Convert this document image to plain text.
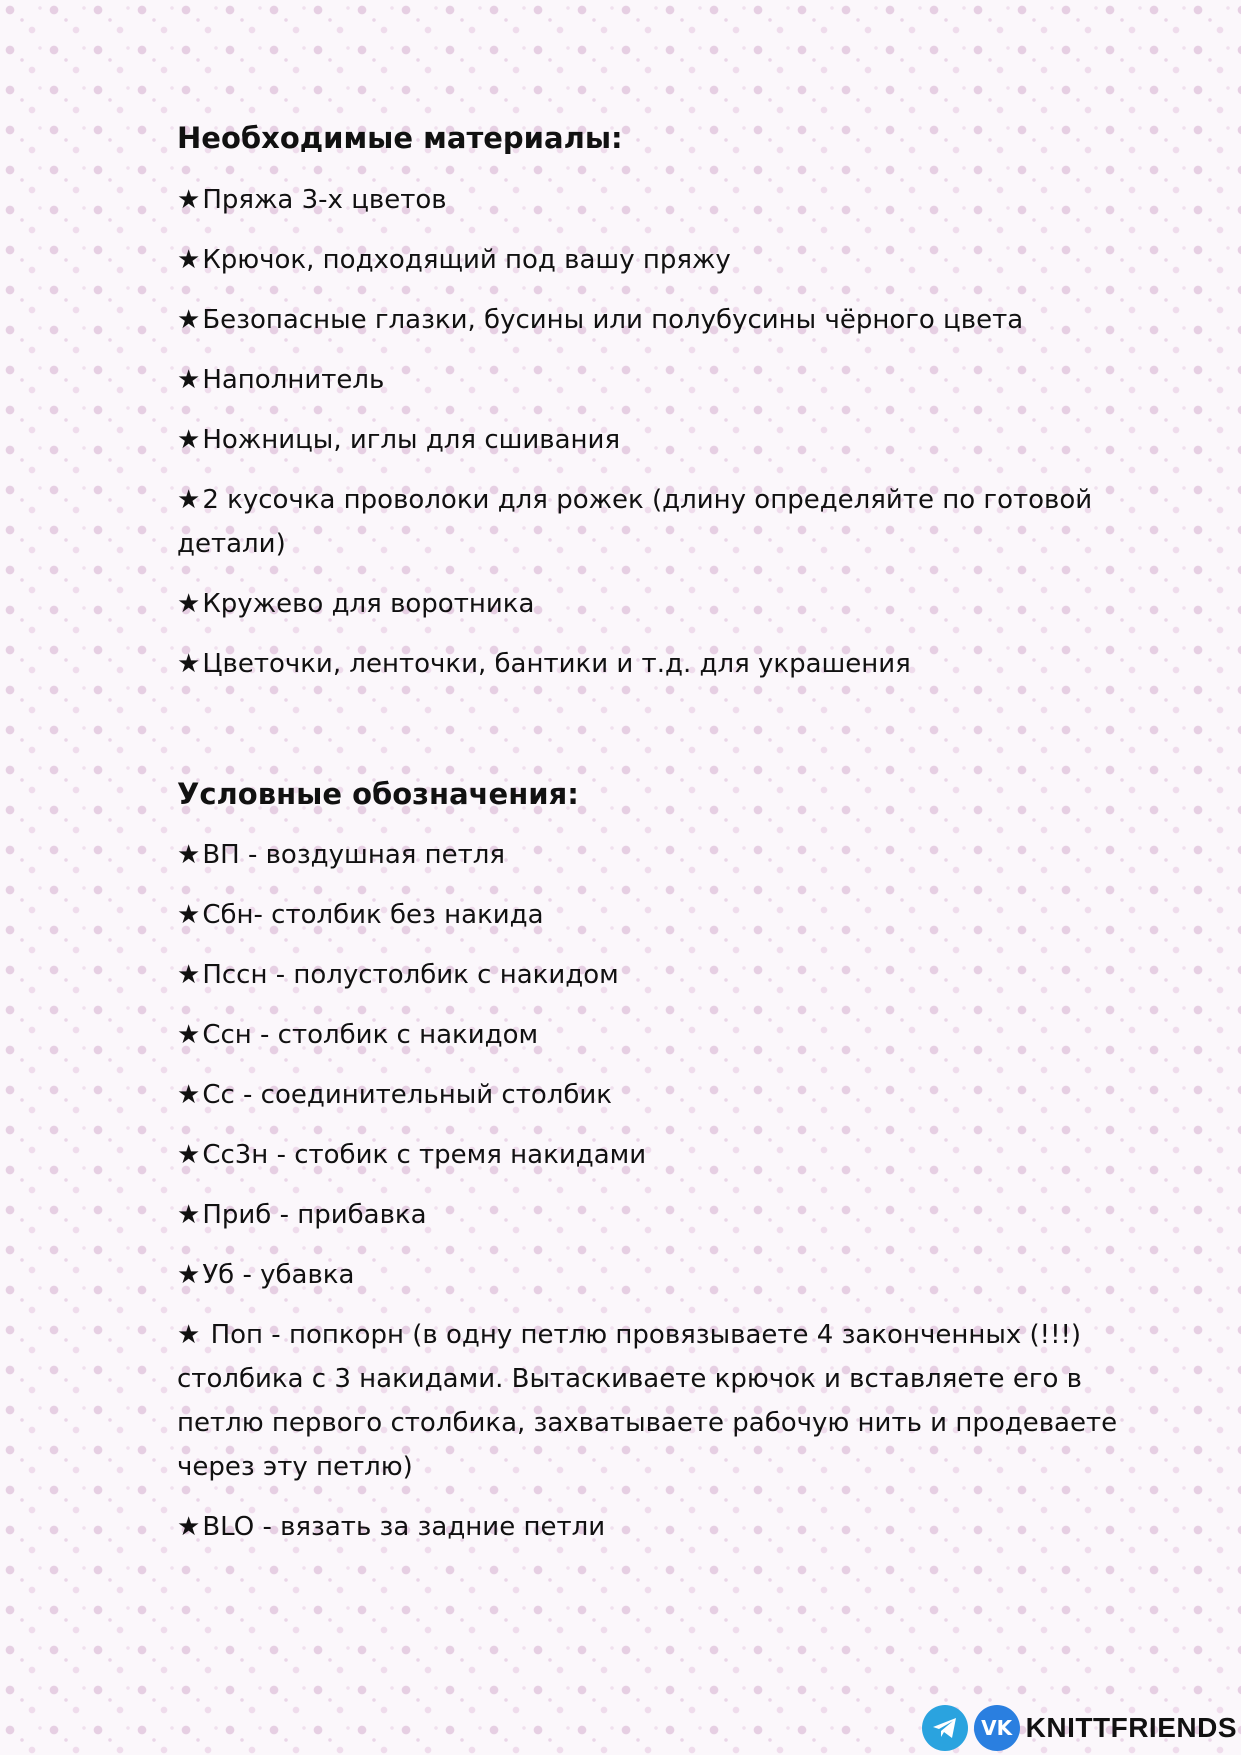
Необходимые материалы:
★Пряжа 3-х цветов
★Крючок, подходящий под вашу пряжу
★Безопасные глазки, бусины или полубусины чёрного цвета
★Наполнитель
★Ножницы, иглы для сшивания
★2 кусочка проволоки для рожек (длину определяйте по готовой детали)
★Кружево для воротника
★Цветочки, ленточки, бантики и т.д. для украшения
Условные обозначения:
★ВП - воздушная петля
★Сбн- столбик без накида
★Пссн - полустолбик с накидом
★Ссн - столбик с накидом
★Сс - соединительный столбик
★Сс3н - стобик с тремя накидами
★Приб - прибавка
★Уб - убавка
★ Поп - попкорн (в одну петлю провязываете 4 законченных (!!!) столбика с 3 накидами. Вытаскиваете крючок и вставляете его в петлю первого столбика, захватываете рабочую нить и продеваете через эту петлю)
★BLO - вязать за задние петли
VK KNITTFRIENDS
